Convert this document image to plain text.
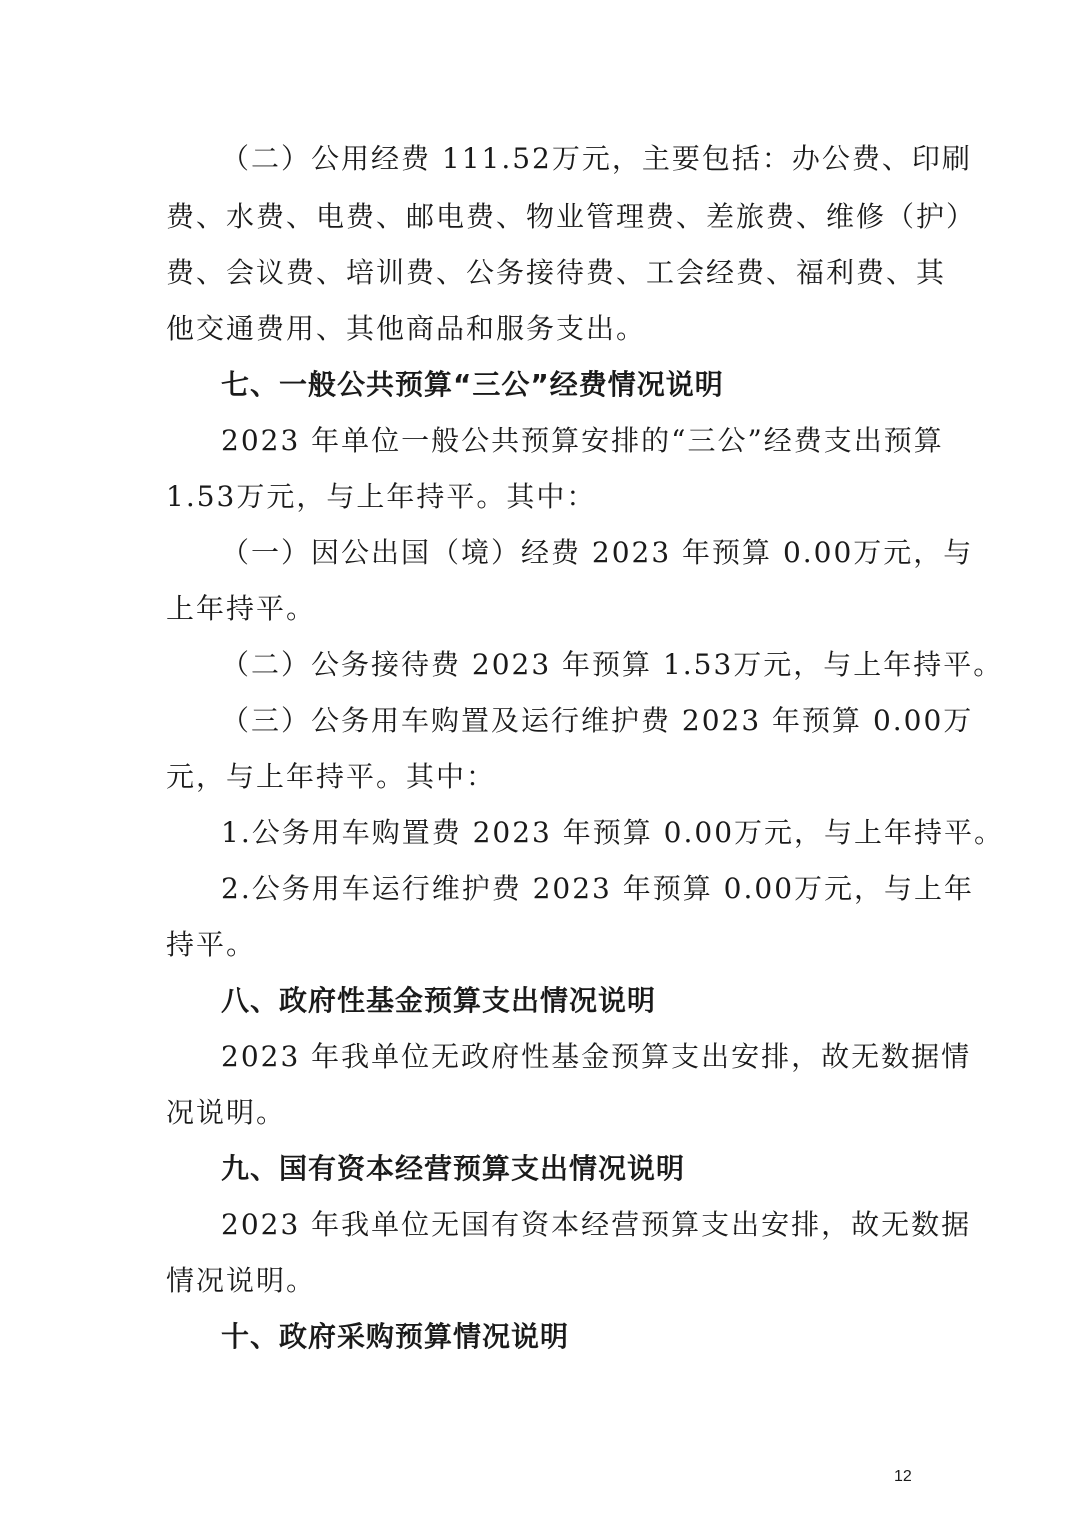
（二）公用经费 111.52万元，主要包括：办公费、印刷
费、水费、电费、邮电费、物业管理费、差旅费、维修（护）
费、会议费、培训费、公务接待费、工会经费、福利费、其
他交通费用、其他商品和服务支出。
七、一般公共预算“三公”经费情况说明
2023 年单位一般公共预算安排的“三公”经费支出预算
1.53万元，与上年持平。其中：
（一）因公出国（境）经费 2023 年预算 0.00万元，与
上年持平。
（二）公务接待费 2023 年预算 1.53万元，与上年持平。
（三）公务用车购置及运行维护费 2023 年预算 0.00万
元，与上年持平。其中：
1.公务用车购置费 2023 年预算 0.00万元，与上年持平。
2.公务用车运行维护费 2023 年预算 0.00万元，与上年
持平。
八、政府性基金预算支出情况说明
2023 年我单位无政府性基金预算支出安排，故无数据情
况说明。
九、国有资本经营预算支出情况说明
2023 年我单位无国有资本经营预算支出安排，故无数据
情况说明。
十、政府采购预算情况说明
12
